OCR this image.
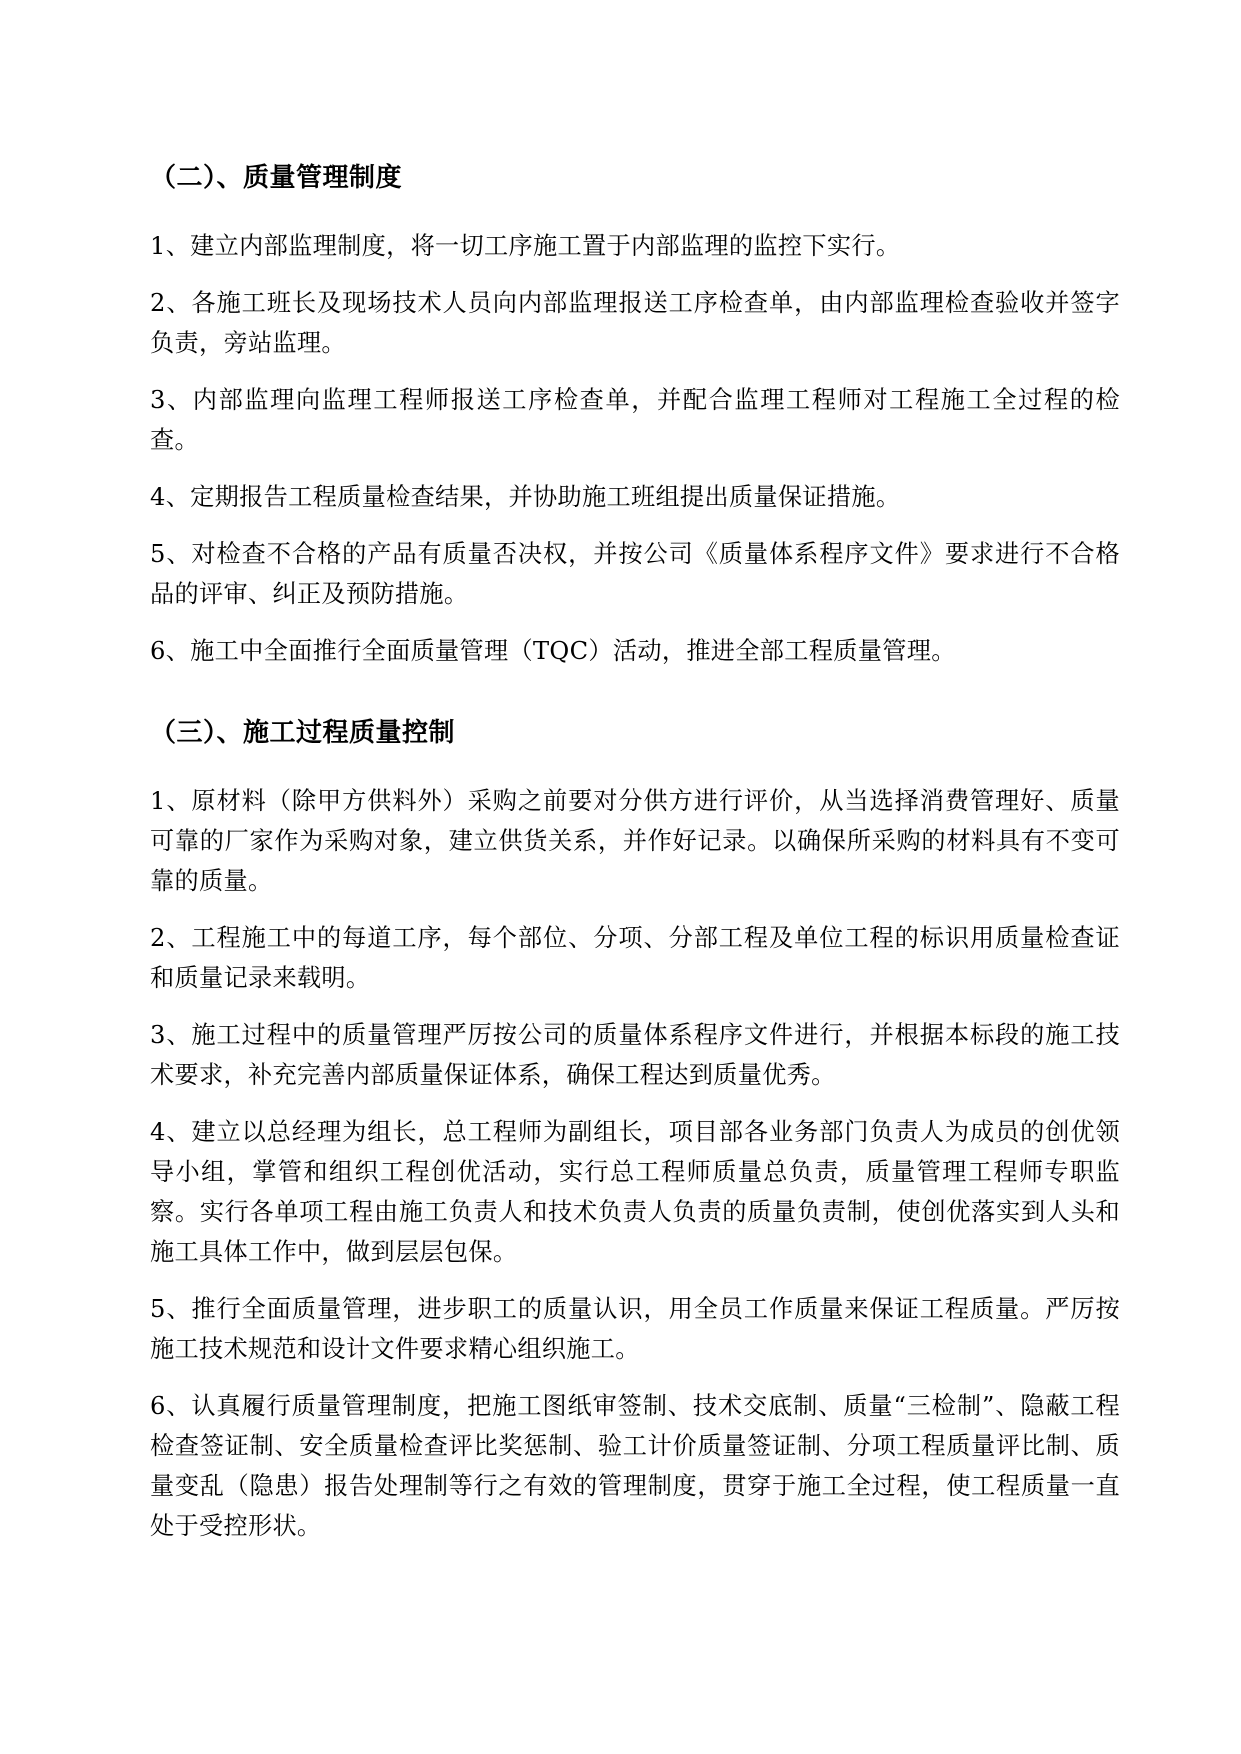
（二）、质量管理制度

1、建立内部监理制度，将一切工序施工置于内部监理的监控下实行。

2、各施工班长及现场技术人员向内部监理报送工序检查单，由内部监理检查验收并签字负责，旁站监理。

3、内部监理向监理工程师报送工序检查单，并配合监理工程师对工程施工全过程的检查。

4、定期报告工程质量检查结果，并协助施工班组提出质量保证措施。

5、对检查不合格的产品有质量否决权，并按公司《质量体系程序文件》要求进行不合格品的评审、纠正及预防措施。

6、施工中全面推行全面质量管理（TQC）活动，推进全部工程质量管理。

（三）、施工过程质量控制

1、原材料（除甲方供料外）采购之前要对分供方进行评价，从当选择消费管理好、质量可靠的厂家作为采购对象，建立供货关系，并作好记录。以确保所采购的材料具有不变可靠的质量。

2、工程施工中的每道工序，每个部位、分项、分部工程及单位工程的标识用质量检查证和质量记录来载明。

3、施工过程中的质量管理严厉按公司的质量体系程序文件进行，并根据本标段的施工技术要求，补充完善内部质量保证体系，确保工程达到质量优秀。

4、建立以总经理为组长，总工程师为副组长，项目部各业务部门负责人为成员的创优领导小组，掌管和组织工程创优活动，实行总工程师质量总负责，质量管理工程师专职监察。实行各单项工程由施工负责人和技术负责人负责的质量负责制，使创优落实到人头和施工具体工作中，做到层层包保。

5、推行全面质量管理，进步职工的质量认识，用全员工作质量来保证工程质量。严厉按施工技术规范和设计文件要求精心组织施工。

6、认真履行质量管理制度，把施工图纸审签制、技术交底制、质量“三检制”、隐蔽工程检查签证制、安全质量检查评比奖惩制、验工计价质量签证制、分项工程质量评比制、质量变乱（隐患）报告处理制等行之有效的管理制度，贯穿于施工全过程，使工程质量一直处于受控形状。
